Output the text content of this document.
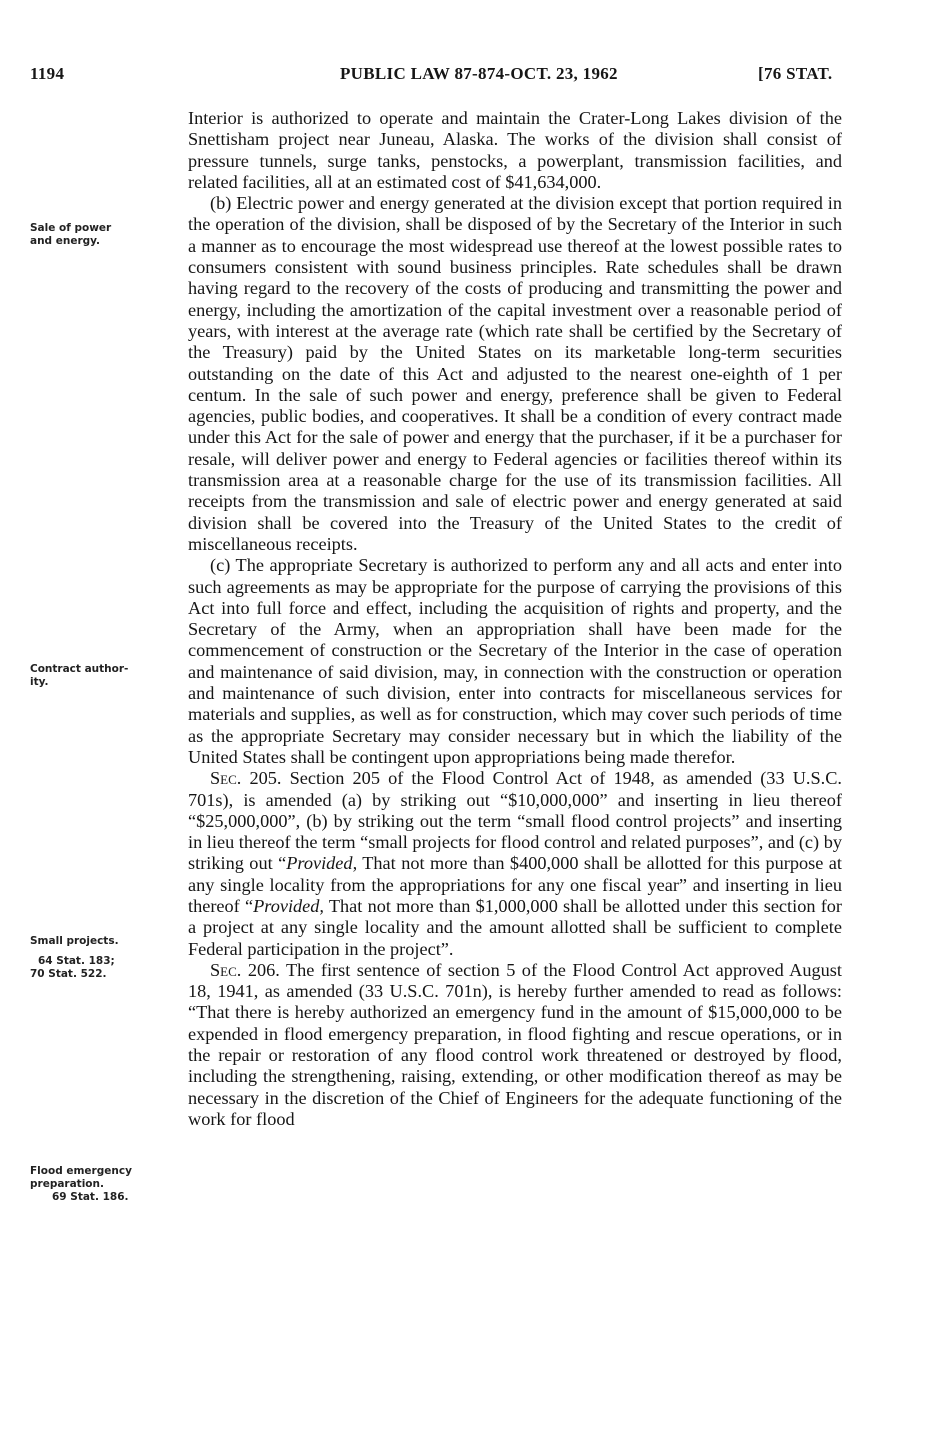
1194	PUBLIC LAW 87-874-OCT. 23, 1962	[76 STAT.
Sale of power
and energy.
Contract author-
ity.
Small projects.
64 Stat. 183;
70 Stat. 522.
Flood emergency
preparation.
69 Stat. 186.

Interior is authorized to operate and maintain the Crater-Long Lakes division of the Snettisham project near Juneau, Alaska. The works of the division shall consist of pressure tunnels, surge tanks, penstocks, a powerplant, transmission facilities, and related facilities, all at an estimated cost of $41,634,000.

(b) Electric power and energy generated at the division except that portion required in the operation of the division, shall be disposed of by the Secretary of the Interior in such a manner as to encourage the most widespread use thereof at the lowest possible rates to consumers consistent with sound business principles. Rate schedules shall be drawn having regard to the recovery of the costs of producing and transmitting the power and energy, including the amortization of the capital investment over a reasonable period of years, with interest at the average rate (which rate shall be certified by the Secretary of the Treasury) paid by the United States on its marketable long-term securities outstanding on the date of this Act and adjusted to the nearest one-eighth of 1 per centum. In the sale of such power and energy, preference shall be given to Federal agencies, public bodies, and cooperatives. It shall be a condition of every contract made under this Act for the sale of power and energy that the purchaser, if it be a purchaser for resale, will deliver power and energy to Federal agencies or facilities thereof within its transmission area at a reasonable charge for the use of its transmission facilities. All receipts from the transmission and sale of electric power and energy generated at said division shall be covered into the Treasury of the United States to the credit of miscellaneous receipts.

(c) The appropriate Secretary is authorized to perform any and all acts and enter into such agreements as may be appropriate for the purpose of carrying the provisions of this Act into full force and effect, including the acquisition of rights and property, and the Secretary of the Army, when an appropriation shall have been made for the commencement of construction or the Secretary of the Interior in the case of operation and maintenance of said division, may, in connection with the construction or operation and maintenance of such division, enter into contracts for miscellaneous services for materials and supplies, as well as for construction, which may cover such periods of time as the appropriate Secretary may consider necessary but in which the liability of the United States shall be contingent upon appropriations being made therefor.

Sec. 205. Section 205 of the Flood Control Act of 1948, as amended (33 U.S.C. 701s), is amended (a) by striking out “$10,000,000” and inserting in lieu thereof “$25,000,000”, (b) by striking out the term “small flood control projects” and inserting in lieu thereof the term “small projects for flood control and related purposes”, and (c) by striking out “Provided, That not more than $400,000 shall be allotted for this purpose at any single locality from the appropriations for any one fiscal year” and inserting in lieu thereof “Provided, That not more than $1,000,000 shall be allotted under this section for a project at any single locality and the amount allotted shall be sufficient to complete Federal participation in the project”.

Sec. 206. The first sentence of section 5 of the Flood Control Act approved August 18, 1941, as amended (33 U.S.C. 701n), is hereby further amended to read as follows: “That there is hereby authorized an emergency fund in the amount of $15,000,000 to be expended in flood emergency preparation, in flood fighting and rescue operations, or in the repair or restoration of any flood control work threatened or destroyed by flood, including the strengthening, raising, extending, or other modification thereof as may be necessary in the discretion of the Chief of Engineers for the adequate functioning of the work for flood
